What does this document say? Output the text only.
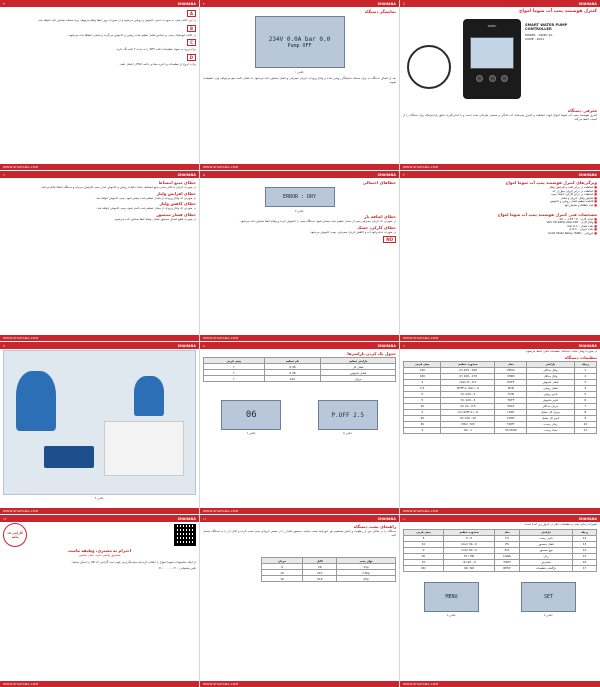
SHAHANA
۳
A
در این حالت پمپ به صورت دستی خاموش و روشن می‌شود و در صورت بروز خطا پیغام مربوطه روی صفحه نمایش داده خواهد شد.
B
در حالت اتوماتیک، پمپ بر اساس فشار تنظیم شده روشن و خاموش می‌گردد و تمامی خطاها ثبت می‌شوند.
C
برای ورود به منوی تنظیمات دکمه SET را به مدت ۳ ثانیه نگه دارید.
D
برای خروج از تنظیمات و ذخیره مقادیر دکمه ESC را فشار دهید.
WWW.SHAHANA.COM
SHAHANA
۲
نمایشگر دستگاه
234V 0.0A bar 0.0
Pump OFF
عکس ۱
بعد از اتصال دستگاه به برق، صفحه نمایشگر روشن شده و ولتاژ ورودی، جریان مصرفی و فشار نمایش داده می‌شود. با فشار دکمه منو می‌توانید وارد تنظیمات شوید.
WWW.SHAHANA.COM
SHAHANA
1
کنترل هوشمند پمپ آب شوما امواج
SWPC	SMART WATER PUMP CONTROLLER
MODEL : SWPC-10
CODE : 2021
معرفی دستگاه
کنترل هوشمند پمپ آب شوما امواج جهت حفاظت و کنترل پمپ‌های آب خانگی و صنعتی طراحی شده است و با اندازه‌گیری دقیق پارامترهای برق دستگاه را از آسیب حفظ می‌کند.
WWW.SHAHANA.COM
SHAHANA
۶
خطای منبع انبساط
در صورت خرابی یا خالی شدن منبع انبساط، تعداد دفعات روشن و خاموش شدن پمپ افزایش می‌یابد و دستگاه خطا اعلام می‌کند.
خطای افزایش ولتاژ
در صورتی که ولتاژ ورودی از مقدار تنظیم شده بیشتر شود، پمپ خاموش خواهد شد.
خطای کاهش ولتاژ
در صورتی که ولتاژ ورودی از مقدار تنظیم شده کمتر شود، پمپ خاموش خواهد شد.
خطای فشار سنسور
در صورت قطع اتصال سنسور فشار، پیغام خطا نمایش داده می‌شود.
WWW.SHAHANA.COM
SHAHANA
۵
خطاهای احتمالی
ERROR : DRY
عکس ۳
خطای اضافه بار
در صورتی که جریان مصرفی پمپ از مقدار تنظیم شده بیشتر شود، دستگاه پمپ را خاموش کرده و پیغام خطا نمایش داده می‌شود.
خطای کارکرد خشک
در صورت عدم وجود آب و کاهش جریان مصرفی، پمپ خاموش می‌شود.
NO
WWW.SHAHANA.COM
SHAHANA
۴
ویژگی‌های کنترل هوشمند پمپ آب شوما امواج
■ حفاظت در برابر افت و افزایش ولتاژ
■ حفاظت در برابر جریان بیش از حد
■ حفاظت در برابر کارکرد خشک پمپ
■ نمایش ولتاژ، جریان و فشار
■ قابلیت تنظیم فشار روشن و خاموش
■ ثبت خطاها و نمایش آنها
مشخصات فنی کنترل هوشمند پمپ آب شوما امواج
■ دمای کاری : ‎-10 ~ +55 °C
■ ولتاژ کاری : 165-260 VAC 50-60Hz
■ دقت فشار : 0.1 bar
■ دقت جریان : 0.1 A
■ خروجی : Solid State Relay (SSR)
WWW.SHAHANA.COM
SHAHANA
۷
عکس ۴
WWW.SHAHANA.COM
SHAHANA
۸
جدول یک کردن پارامترها
پارامتر تنظیم	نام تنظیم	پیش فرض
فشار کار	0.38	Y
فشار خاموش	0.38	Y
جریان	201	Y
P.OFF 2.5
عکس ۵
06
عکس ۶
WWW.SHAHANA.COM
SHAHANA
۹
در صورت وصل مجدد دستگاه، تنظیمات قبلی حفظ می‌شود.
تنظیمات دستگاه
ردیف	پارامتر	نماد	محدوده تنظیم	پیش فرض
1	ولتاژ حداکثر	VMAX	220...255 (V)	240
2	ولتاژ حداقل	VMIN	170...200 (V)	180
3	فشار خاموش	POFF	0.5...8 (bar)	4
4	فشار روشن	PON	0...POFF-1 (bar)	2.5
5	تاخیر روشن	TON	3...120 (S)	5
6	تاخیر خاموش	TOFF	3...120 (S)	5
7	جریان حداکثر	IMAX	0.5...14 (A)	10
8	جریان کار خشک	I.DRY	0...(IOFF-1) (A)	2
9	تاخیر کار خشک	T.DRY	10...120 (S)	20
10	زمان ریست	T.RPT	720 (Min)	30
11	تعداد ریست	I.P.I.P.NO	1...20	1
WWW.SHAHANA.COM
SHAHANA
۱۲
گارانتی ۱۸ ماهه
احترام به مشتری، وظیفه ماست
محصول واقعی، امید، عمل، تضمین
از اینکه محصولات شوما امواج را انتخاب کرده‌اید سپاسگزاریم. جهت ثبت گارانتی کد QR را اسکن نمایید.
تلفن پشتیبانی : ۰۲۱-۶۶۰۰۰۰۰۰
WWW.SHAHANA.COM
SHAHANA
۱۱
راهنمای نصب دستگاه
دستگاه را در محلی دور از رطوبت و تابش مستقیم نور خورشید نصب نمایید. سنسور فشار را در مسیر خروجی پمپ نصب کرده و کابل آن را به دستگاه متصل کنید.
توان پمپ	کابل	جریان
1hp	C6	6
1.5hp	C10	10
2hp	C16	16
WWW.SHAHANA.COM
SHAHANA
۱۰
تغییرات زمانی پمپ و تنظیمات دیگر در جدول زیر آمده است.
ردیف	پارامتر	نماد	محدوده تنظیم	پیش فرض
12	تاخیر ریست	T.S	0...5	5
13	فشار سنسور	PS	0...30 (bar)	10
14	نوع سنسور	N.S	0...20 (mA)	0
15	زبان	LANG	FA / EN	FA
16	شمارش	T.RPT	0...90 (S)	10
17	بازگشت تنظیمات	REST	OK, NO	NO
SET
عکس ۷
MENU
عکس ۸
WWW.SHAHANA.COM
